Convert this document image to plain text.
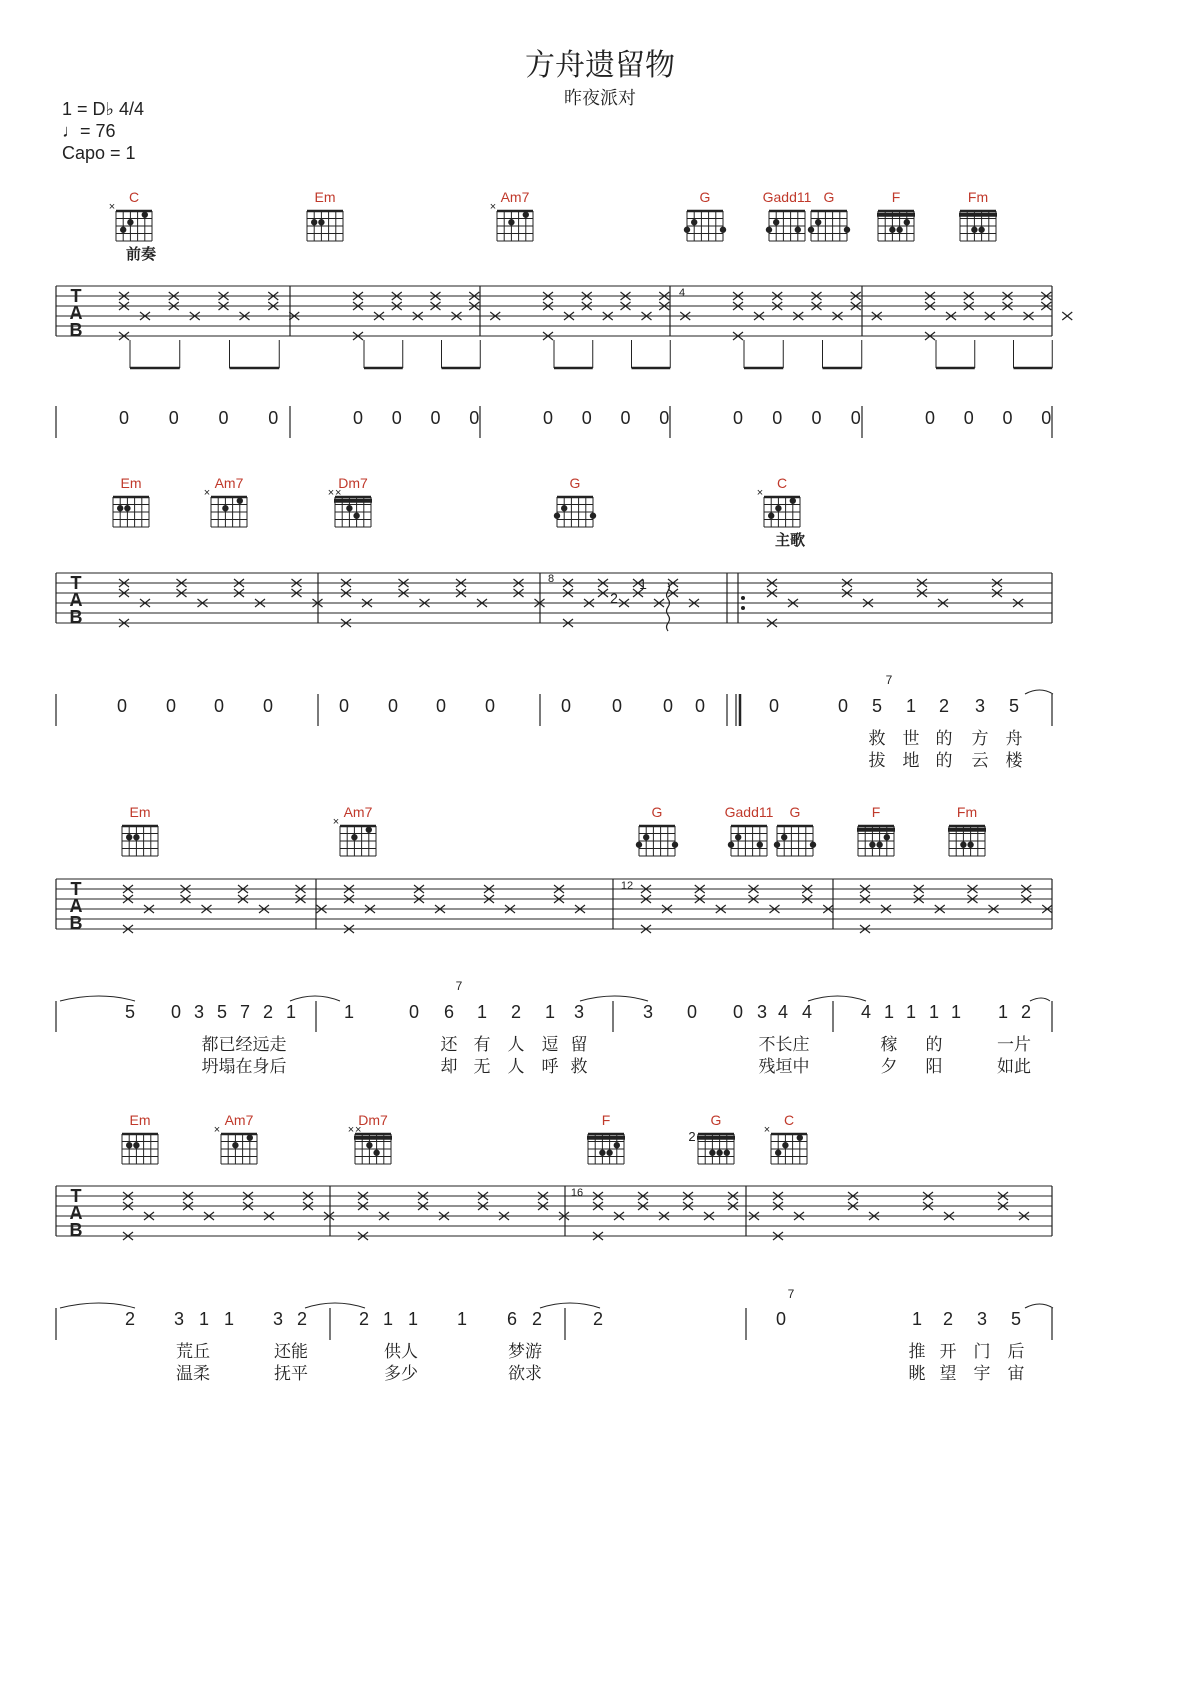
方舟遗留物
昨夜派对
1 = D♭ 4/4
♩= 76
Capo = 1
C
×
前奏
Em	Am7
×
G	Gadd11 G	F	Fm
T
A
B
4
0 0 0 0	0 0 0 0	0 0 0 0	0 0 0 0	0 0 0 0
Em	Am7
×
Dm7
× ×
G	C
×
主歌
T
A
B
8
2
1
0 0 0 0	0 0 0 0	0 0 0 0	0	0 5 1 2 3 5
7
救 世 的 方 舟
拔 地 的 云 楼
Em	Am7
×
G	Gadd11 G	F	Fm
T
A
B
12
5 0 3 5 7 2 1	1	0 6 1 2 1 3	3 0 0 3 4 4	4 1 1 1 1 1 2
7
都已经远走	还 有 人 逗 留	不长庄	稼 的	一片
坍塌在身后	却 无 人 呼 救	残垣中	夕 阳	如此
Em	Am7
×
Dm7
× ×
F	G
2
C
×
T
A
B
16
2 3 1 1 3 2	2 1 1 1 6 2	2	0	1 2 3 5
7
荒丘	还能	供人	梦游	推 开 门 后
温柔	抚平	多少	欲求	眺 望 宇 宙
